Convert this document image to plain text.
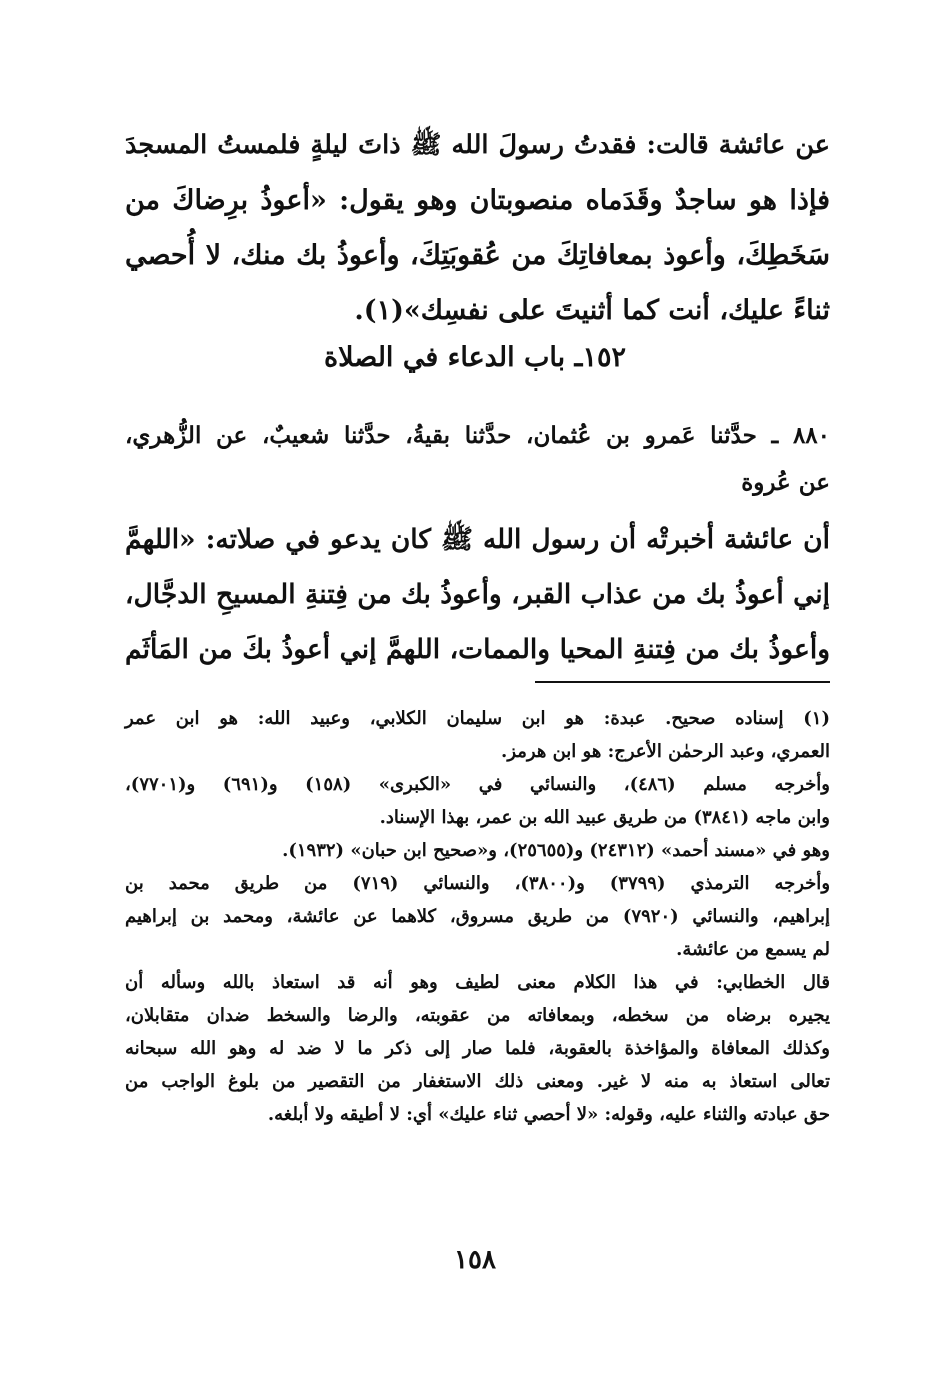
عن عائشة قالت: فقدتُ رسولَ الله ﷺ ذاتَ ليلةٍ فلمستُ المسجدَ
فإذا هو ساجدٌ وقَدَماه منصوبتان وهو يقول: «أعوذُ برِضاكَ من
سَخَطِكَ، وأعوذ بمعافاتِكَ من عُقوبَتِكَ، وأعوذُ بك منك، لا أُحصي
ثناءً عليك، أنت كما أثنيتَ على نفسِك»(١).
١٥٢ـ باب الدعاء في الصلاة
٨٨٠ ـ حدَّثنا عَمرو بن عُثمان، حدَّثنا بقيةُ، حدَّثنا شعيبٌ، عن الزُّهري،
عن عُروة
أن عائشة أخبرتْه أن رسول الله ﷺ كان يدعو في صلاته: «اللهمَّ
إني أعوذُ بك من عذاب القبر، وأعوذُ بك من فِتنةِ المسيحِ الدجَّال،
وأعوذُ بك من فِتنةِ المحيا والممات، اللهمَّ إني أعوذُ بكَ من المَأثَم
(١) إسناده صحيح. عبدة: هو ابن سليمان الكلابي، وعبيد الله: هو ابن عمر
العمري، وعبد الرحمٰن الأعرج: هو ابن هرمز.
وأخرجه مسلم (٤٨٦)، والنسائي في «الكبرى» (١٥٨) و(٦٩١) و(٧٧٠١)،
وابن ماجه (٣٨٤١) من طريق عبيد الله بن عمر، بهذا الإسناد.
وهو في «مسند أحمد» (٢٤٣١٢) و(٢٥٦٥٥)، و«صحيح ابن حبان» (١٩٣٢).
وأخرجه الترمذي (٣٧٩٩) و(٣٨٠٠)، والنسائي (٧١٩) من طريق محمد بن
إبراهيم، والنسائي (٧٩٢٠) من طريق مسروق، كلاهما عن عائشة، ومحمد بن إبراهيم
لم يسمع من عائشة.
قال الخطابي: في هذا الكلام معنى لطيف وهو أنه قد استعاذ بالله وسأله أن
يجيره برضاه من سخطه، وبمعافاته من عقوبته، والرضا والسخط ضدان متقابلان،
وكذلك المعافاة والمؤاخذة بالعقوبة، فلما صار إلى ذكر ما لا ضد له وهو الله سبحانه
تعالى استعاذ به منه لا غير. ومعنى ذلك الاستغفار من التقصير من بلوغ الواجب من
حق عبادته والثناء عليه، وقوله: «لا أحصي ثناء عليك» أي: لا أطيقه ولا أبلغه.
١٥٨
